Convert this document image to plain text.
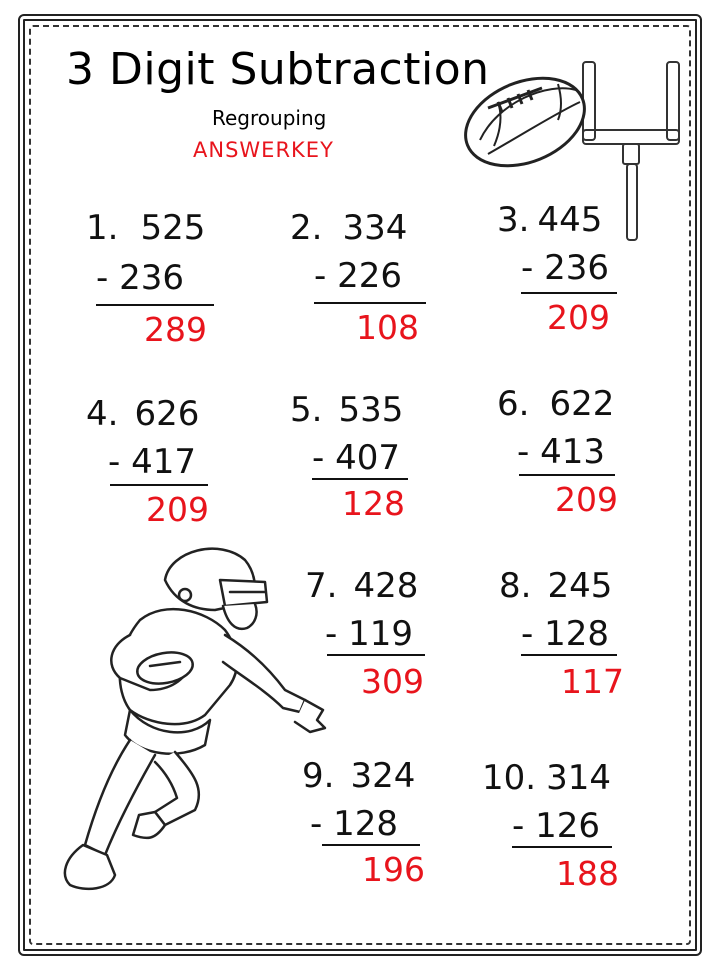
3 Digit Subtraction
Regrouping
ANSWERKEY
1. 525
- 236
289
2. 334
- 226
108
3. 445
- 236
209
4. 626
- 417
209
5. 535
- 407
128
6. 622
- 413
209
7. 428
- 119
309
8. 245
- 128
117
9. 324
- 128
196
10. 314
- 126
188
